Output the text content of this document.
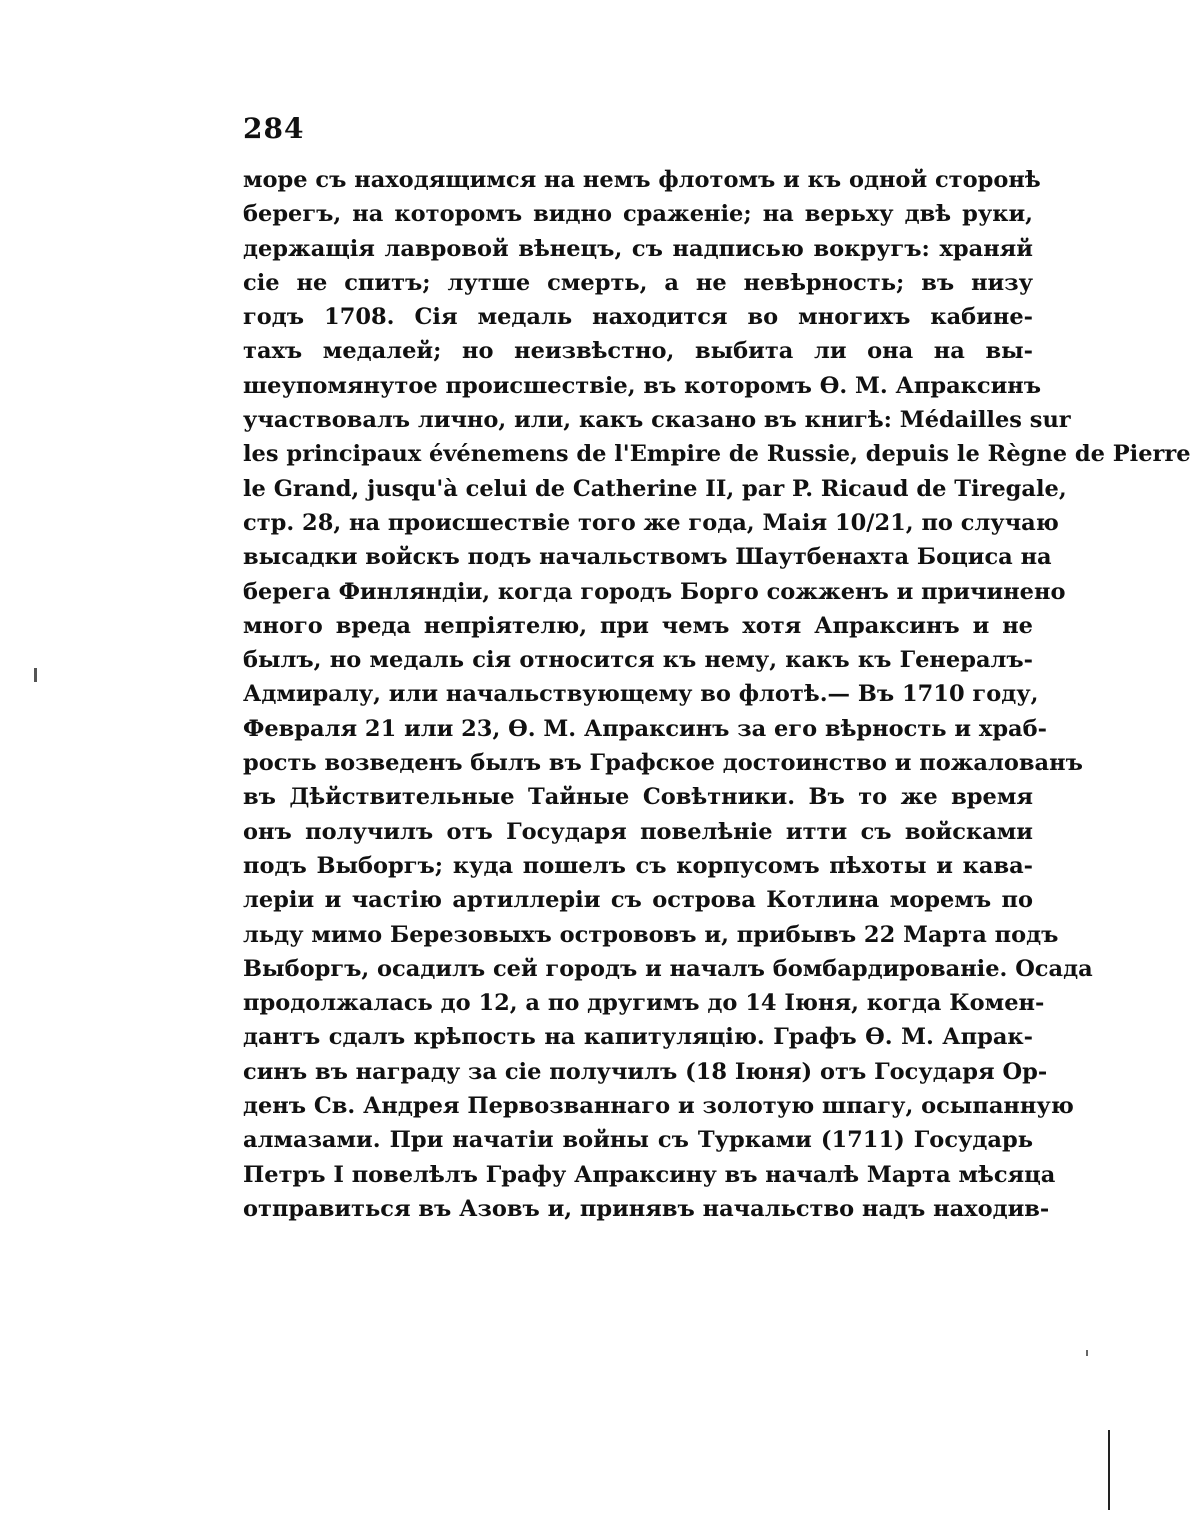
284
море съ находящимся на немъ флотомъ и къ одной сторонѣ
берегъ, на которомъ видно сраженіе; на верьху двѣ руки,
держащія лавровой вѣнецъ, съ надписью вокругъ: храняй
сіе не спитъ; лутше смерть, а не невѣрность; въ низу
годъ 1708. Сія медаль находится во многихъ кабине-
тахъ медалей; но неизвѣстно, выбита ли она на вы-
шеупомянутое происшествіе, въ которомъ Ѳ. М. Апраксинъ
участвовалъ лично, или, какъ сказано въ книгѣ: Médailles sur
les principaux événemens de l'Empire de Russie, depuis le Règne de Pierre
le Grand, jusqu'à celui de Catherine II, par P. Ricaud de Tiregale,
стр. 28, на происшествіе того же года, Маія 10/21, по случаю
высадки войскъ подъ начальствомъ Шаутбенахта Боциса на
берега Финляндіи, когда городъ Борго сожженъ и причинено
много вреда непріятелю, при чемъ хотя Апраксинъ и не
былъ, но медаль сія относится къ нему, какъ къ Генералъ-
Адмиралу, или начальствующему во флотѣ.— Въ 1710 году,
Февраля 21 или 23, Ѳ. М. Апраксинъ за его вѣрность и храб-
рость возведенъ былъ въ Графское достоинство и пожалованъ
въ Дѣйствительные Тайные Совѣтники. Въ то же время
онъ получилъ отъ Государя повелѣніе итти съ войсками
подъ Выборгъ; куда пошелъ съ корпусомъ пѣхоты и кава-
леріи и частію артиллеріи съ острова Котлина моремъ по
льду мимо Березовыхъ острововъ и, прибывъ 22 Марта подъ
Выборгъ, осадилъ сей городъ и началъ бомбардированіе. Осада
продолжалась до 12, а по другимъ до 14 Іюня, когда Комен-
дантъ сдалъ крѣпость на капитуляцію. Графъ Ѳ. М. Апрак-
синъ въ награду за сіе получилъ (18 Іюня) отъ Государя Ор-
денъ Св. Андрея Первозваннаго и золотую шпагу, осыпанную
алмазами. При начатіи войны съ Турками (1711) Государь
Петръ I повелѣлъ Графу Апраксину въ началѣ Марта мѣсяца
отправиться въ Азовъ и, принявъ начальство надъ находив-
